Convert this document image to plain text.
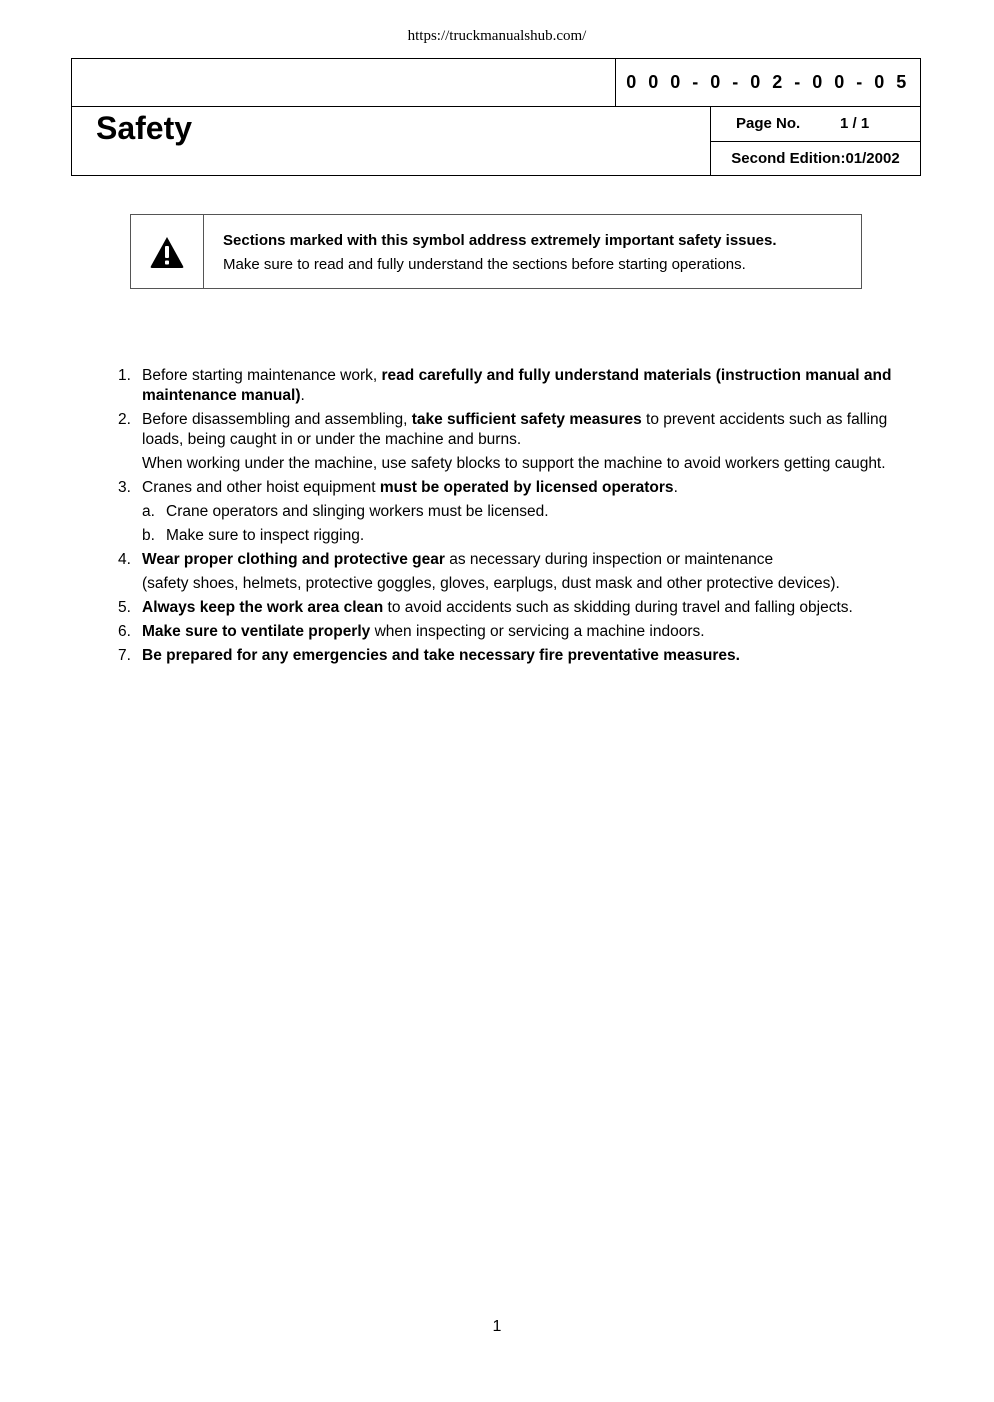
https://truckmanualshub.com/
0 0 0 - 0 - 0 2 - 0 0 - 0 5
Safety	Page No.	1 / 1
Second Edition:01/2002
Sections marked with this symbol address extremely important safety issues.
Make sure to read and fully understand the sections before starting operations.
1. Before starting maintenance work, read carefully and fully understand materials (instruction manual and maintenance manual).
2. Before disassembling and assembling, take sufficient safety measures to prevent accidents such as falling loads, being caught in or under the machine and burns.
When working under the machine, use safety blocks to support the machine to avoid workers getting caught.
3. Cranes and other hoist equipment must be operated by licensed operators.
a. Crane operators and slinging workers must be licensed.
b. Make sure to inspect rigging.
4. Wear proper clothing and protective gear as necessary during inspection or maintenance
(safety shoes, helmets, protective goggles, gloves, earplugs, dust mask and other protective devices).
5. Always keep the work area clean to avoid accidents such as skidding during travel and falling objects.
6. Make sure to ventilate properly when inspecting or servicing a machine indoors.
7. Be prepared for any emergencies and take necessary fire preventative measures.
1
